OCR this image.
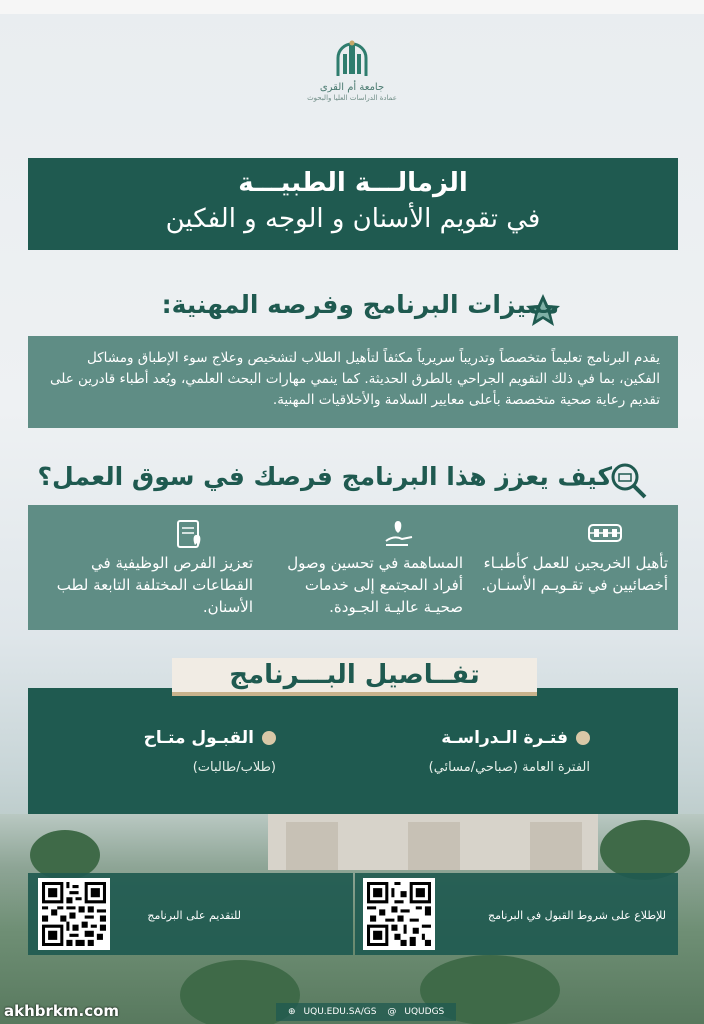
جامعة أم القرى
عمادة الدراسات العليا والبحوث
الزمالـــة الطبيـــة
في تقويم الأسنان و الوجه و الفكين
مميزات البرنامج وفرصه المهنية:
يقدم البرنامج تعليماً متخصصاً وتدريباً سريرياً مكثفاً لتأهيل الطلاب لتشخيص وعلاج سوء الإطباق ومشاكل الفكين، بما في ذلك التقويم الجراحي بالطرق الحديثة. كما ينمي مهارات البحث العلمي، ويُعد أطباء قادرين على تقديم رعاية صحية متخصصة بأعلى معايير السلامة والأخلاقيات المهنية.
كيف يعزز هذا البرنامج فرصك في سوق العمل؟
تأهيل الخريجين للعمل كأطبـاء أخصائيين في تقـويـم الأسنـان.
المساهمة في تحسين وصول أفراد المجتمع إلى خدمات صحيـة عاليـة الجـودة.
تعزيز الفرص الوظيفية في القطاعات المختلفة التابعة لطب الأسنان.
فتـرة الـدراسـة
الفترة العامة (صباحي/مسائي)
القبـول متـاح
(طلاب/طالبات)
تفــاصيل البـــرنامج
للتقديم على البرنامج	للإطلاع على شروط القبول في البرنامج
⊕ UQU.EDU.SA/GS @ UQUDGS
akhbrkm.com
